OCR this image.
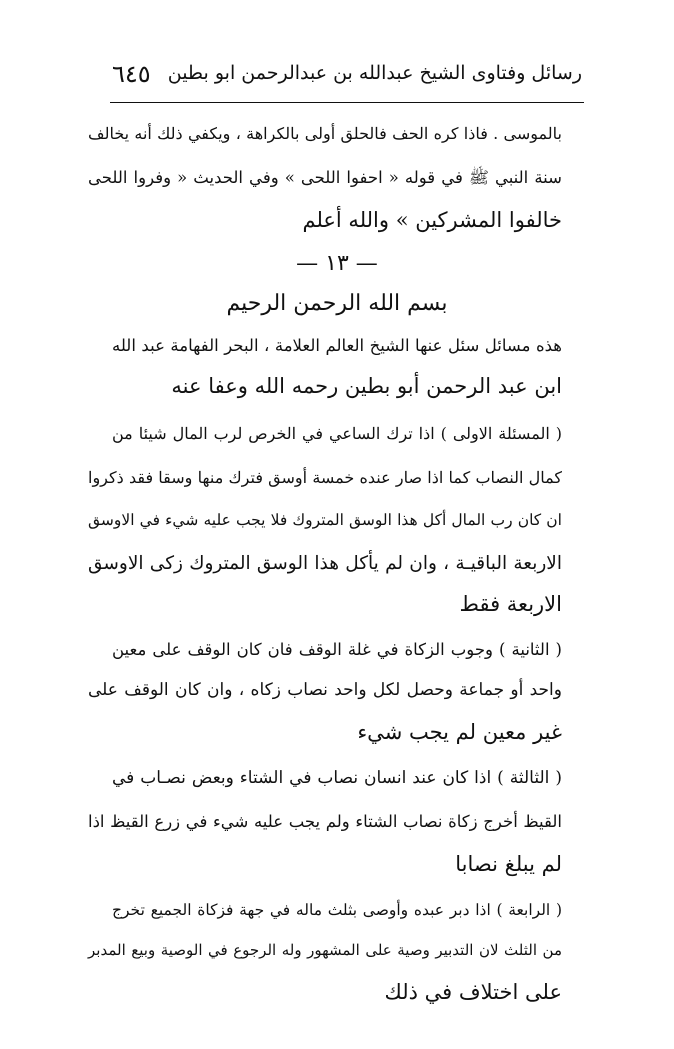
رسائل وفتاوى الشيخ عبدالله بن عبدالرحمن ابو بطين
٦٤٥
بالموسى . فاذا كره الحف فالحلق أولى بالكراهة ، ويكفي ذلك أنه يخالف
سنة النبي ﷺ في قوله « احفوا اللحى » وفي الحديث « وفروا اللحى
خالفوا المشركين » والله أعلم
— ١٣ —
بسم الله الرحمن الرحيم
هذه مسائل سئل عنها الشيخ العالم العلامة ، البحر الفهامة عبد الله
ابن عبد الرحمن أبو بطين رحمه الله وعفا عنه
( المسئلة الاولى ) اذا ترك الساعي في الخرص لرب المال شيئا من
كمال النصاب كما اذا صار عنده خمسة أوسق فترك منها وسقا فقد ذكروا
ان كان رب المال أكل هذا الوسق المتروك فلا يجب عليه شيء في الاوسق
الاربعة الباقيـة ، وان لم يأكل هذا الوسق المتروك زكى الاوسق
الاربعة فقط
( الثانية ) وجوب الزكاة في غلة الوقف فان كان الوقف على معين
واحد أو جماعة وحصل لكل واحد نصاب زكاه ، وان كان الوقف على
غير معين لم يجب شيء
( الثالثة ) اذا كان عند انسان نصاب في الشتاء وبعض نصـاب في
القيظ أخرج زكاة نصاب الشتاء ولم يجب عليه شيء في زرع القيظ اذا
لم يبلغ نصابا
( الرابعة ) اذا دبر عبده وأوصى بثلث ماله في جهة فزكاة الجميع تخرج
من الثلث لان التدبير وصية على المشهور وله الرجوع في الوصية وبيع المدبر
على اختلاف في ذلك
